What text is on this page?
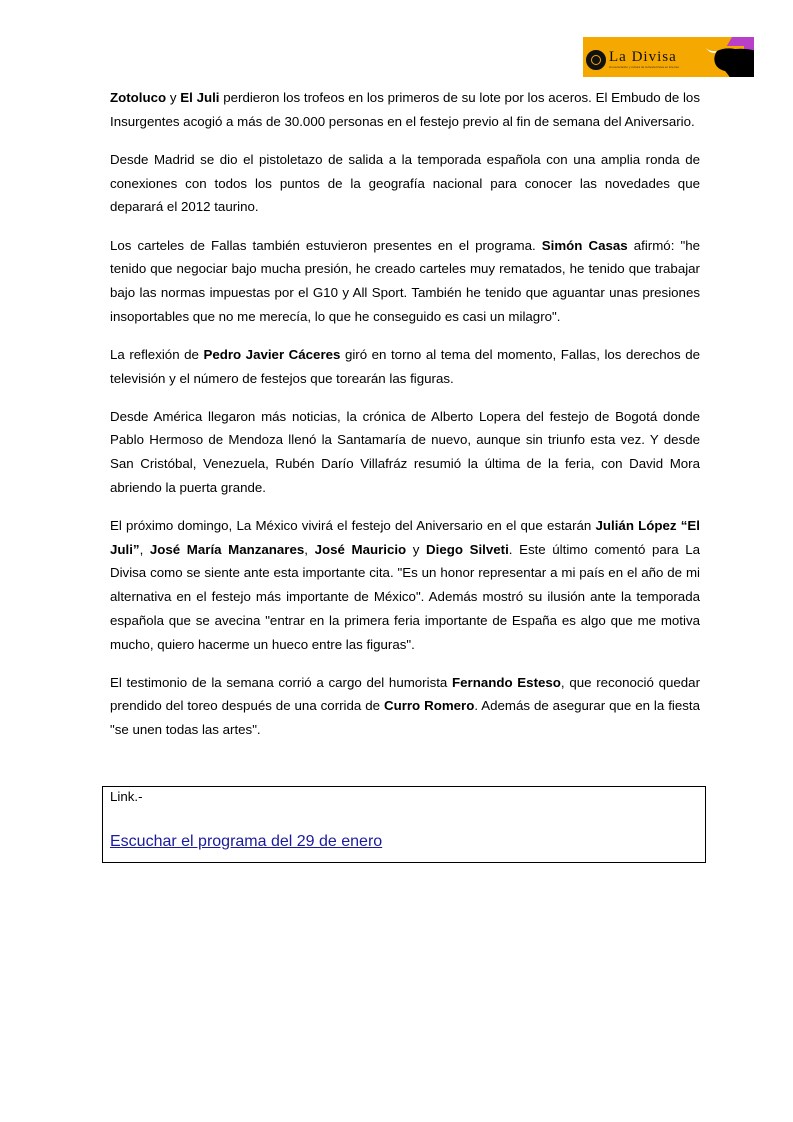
La Divisa
Comunicación y cultura de la fiesta brava en internet

Zotoluco y El Juli perdieron los trofeos en los primeros de su lote por los aceros. El Embudo de los Insurgentes acogió a más de 30.000 personas en el festejo previo al fin de semana del Aniversario.

Desde Madrid se dio el pistoletazo de salida a la temporada española con una amplia ronda de conexiones con todos los puntos de la geografía nacional para conocer las novedades que deparará el 2012 taurino.

Los carteles de Fallas también estuvieron presentes en el programa. Simón Casas afirmó: "he tenido que negociar bajo mucha presión, he creado carteles muy rematados, he tenido que trabajar bajo las normas impuestas por el G10 y All Sport. También he tenido que aguantar unas presiones insoportables que no me merecía, lo que he conseguido es casi un milagro".

La reflexión de Pedro Javier Cáceres giró en torno al tema del momento, Fallas, los derechos de televisión y el número de festejos que torearán las figuras.

Desde América llegaron más noticias, la crónica de Alberto Lopera del festejo de Bogotá donde Pablo Hermoso de Mendoza llenó la Santamaría de nuevo, aunque sin triunfo esta vez. Y desde San Cristóbal, Venezuela, Rubén Darío Villafráz resumió la última de la feria, con David Mora abriendo la puerta grande.

El próximo domingo, La México vivirá el festejo del Aniversario en el que estarán Julián López “El Juli”, José María Manzanares, José Mauricio y Diego Silveti. Este último comentó para La Divisa como se siente ante esta importante cita. "Es un honor representar a mi país en el año de mi alternativa en el festejo más importante de México". Además mostró su ilusión ante la temporada española que se avecina "entrar en la primera feria importante de España es algo que me motiva mucho, quiero hacerme un hueco entre las figuras".

El testimonio de la semana corrió a cargo del humorista Fernando Esteso, que reconoció quedar prendido del toreo después de una corrida de Curro Romero. Además de asegurar que en la fiesta "se unen todas las artes".

Link.-
Escuchar el programa del 29 de enero
